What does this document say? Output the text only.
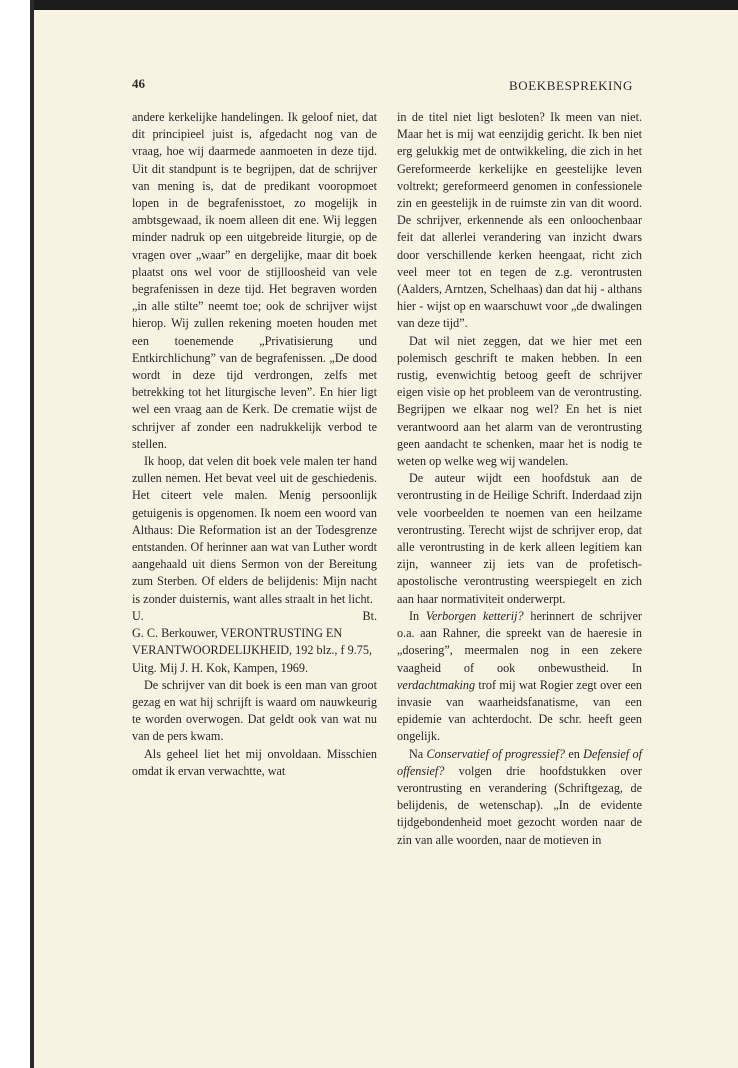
46	BOEKBESPREKING

andere kerkelijke handelingen. Ik geloof niet, dat dit principieel juist is, afgedacht nog van de vraag, hoe wij daarmede aanmoeten in deze tijd. Uit dit standpunt is te begrijpen, dat de schrijver van mening is, dat de predikant vooropmoet lopen in de begrafenisstoet, zo mogelijk in ambtsgewaad, ik noem alleen dit ene. Wij leggen minder nadruk op een uitgebreide liturgie, op de vragen over „waar” en dergelijke, maar dit boek plaatst ons wel voor de stijlloosheid van vele begrafenissen in deze tijd. Het begraven worden „in alle stilte” neemt toe; ook de schrijver wijst hierop. Wij zullen rekening moeten houden met een toenemende „Privatisierung und Entkirchlichung” van de begrafenissen. „De dood wordt in deze tijd verdrongen, zelfs met betrekking tot het liturgische leven”. En hier ligt wel een vraag aan de Kerk. De crematie wijst de schrijver af zonder een nadrukkelijk verbod te stellen.

Ik hoop, dat velen dit boek vele malen ter hand zullen nemen. Het bevat veel uit de geschiedenis. Het citeert vele malen. Menig persoonlijk getuigenis is opgenomen. Ik noem een woord van Althaus: Die Reformation ist an der Todesgrenze entstanden. Of herinner aan wat van Luther wordt aangehaald uit diens Sermon von der Bereitung zum Sterben. Of elders de belijdenis: Mijn nacht is zonder duisternis, want alles straalt in het licht.

U.	Bt.

G. C. Berkouwer, VERONTRUSTING EN VERANTWOORDELIJKHEID, 192 blz., f 9.75, Uitg. Mij J. H. Kok, Kampen, 1969.

De schrijver van dit boek is een man van groot gezag en wat hij schrijft is waard om nauwkeurig te worden overwogen. Dat geldt ook van wat nu van de pers kwam.

Als geheel liet het mij onvoldaan. Misschien omdat ik ervan verwachtte, wat

in de titel niet ligt besloten? Ik meen van niet. Maar het is mij wat eenzijdig gericht. Ik ben niet erg gelukkig met de ontwikkeling, die zich in het Gereformeerde kerkelijke en geestelijke leven voltrekt; gereformeerd genomen in confessionele zin en geestelijk in de ruimste zin van dit woord. De schrijver, erkennende als een onloochenbaar feit dat allerlei verandering van inzicht dwars door verschillende kerken heengaat, richt zich veel meer tot en tegen de z.g. verontrusten (Aalders, Arntzen, Schelhaas) dan dat hij - althans hier - wijst op en waarschuwt voor „de dwalingen van deze tijd”.

Dat wil niet zeggen, dat we hier met een polemisch geschrift te maken hebben. In een rustig, evenwichtig betoog geeft de schrijver eigen visie op het probleem van de verontrusting. Begrijpen we elkaar nog wel? En het is niet verantwoord aan het alarm van de verontrusting geen aandacht te schenken, maar het is nodig te weten op welke weg wij wandelen.

De auteur wijdt een hoofdstuk aan de verontrusting in de Heilige Schrift. Inderdaad zijn vele voorbeelden te noemen van een heilzame verontrusting. Terecht wijst de schrijver erop, dat alle verontrusting in de kerk alleen legitiem kan zijn, wanneer zij iets van de profetisch-apostolische verontrusting weerspiegelt en zich aan haar normativiteit onderwerpt.

In Verborgen ketterij? herinnert de schrijver o.a. aan Rahner, die spreekt van de haeresie in „dosering”, meermalen nog in een zekere vaagheid of ook onbewustheid. In verdachtmaking trof mij wat Rogier zegt over een invasie van waarheidsfanatisme, van een epidemie van achterdocht. De schr. heeft geen ongelijk.

Na Conservatief of progressief? en Defensief of offensief? volgen drie hoofdstukken over verontrusting en verandering (Schriftgezag, de belijdenis, de wetenschap). „In de evidente tijdgebondenheid moet gezocht worden naar de zin van alle woorden, naar de motieven in
